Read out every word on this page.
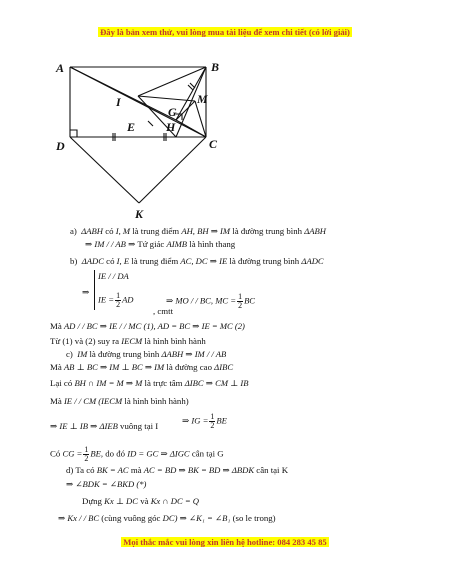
Đây là bản xem thử, vui lòng mua tài liệu để xem chi tiết (có lời giải)
A	B
C
D
I
E
G
H
M
K
a) ΔABH có I, M là trung điểm AH, BH ⇒ IM là đường trung bình ΔABH
⇒ IM / / AB ⇒ Tứ giác AIMB là hình thang
b) ΔADC có I, E là trung điểm AC, DC ⇒ IE là đường trung bình ΔADC
⇒
IE / / DA
IE = $\frac{1}{2}$ AD	⇒ MO / / BC, MC = $\frac{1}{2}$ BC
, cmtt
Mà AD / / BC ⇒ IE / / MC (1), AD = BC ⇒ IE = MC (2)
Từ (1) và (2) suy ra IECM là hình bình hành
c) IM là đường trung bình ΔABH ⇒ IM / / AB
Mà AB ⊥ BC ⇒ IM ⊥ BC ⇒ IM là đường cao ΔIBC
Lại có BH ∩ IM = M ⇒ M là trực tâm ΔIBC ⇒ CM ⊥ IB
Mà IE / / CM (IECM là hình bình hành)
⇒ IE ⊥ IB ⇒ ΔIEB vuông tại I
⇒ IG = $\frac{1}{2}$ BE
Có CG = $\frac{1}{2}$ BE, do đó ID = GC ⇒ ΔIGC cân tại G
d) Ta có BK = AC mà AC = BD ⇒ BK = BD ⇒ ΔBDK cân tại K
⇒ ∠BDK = ∠BKD (*)
Dựng Kx ⊥ DC và Kx ∩ DC = Q
⇒ Kx / / BC (cùng vuông góc DC) ⇒ ∠K₁ = ∠B₁ (so le trong)
Mọi thắc mắc vui lòng xin liên hệ hotline: 084 283 45 85
